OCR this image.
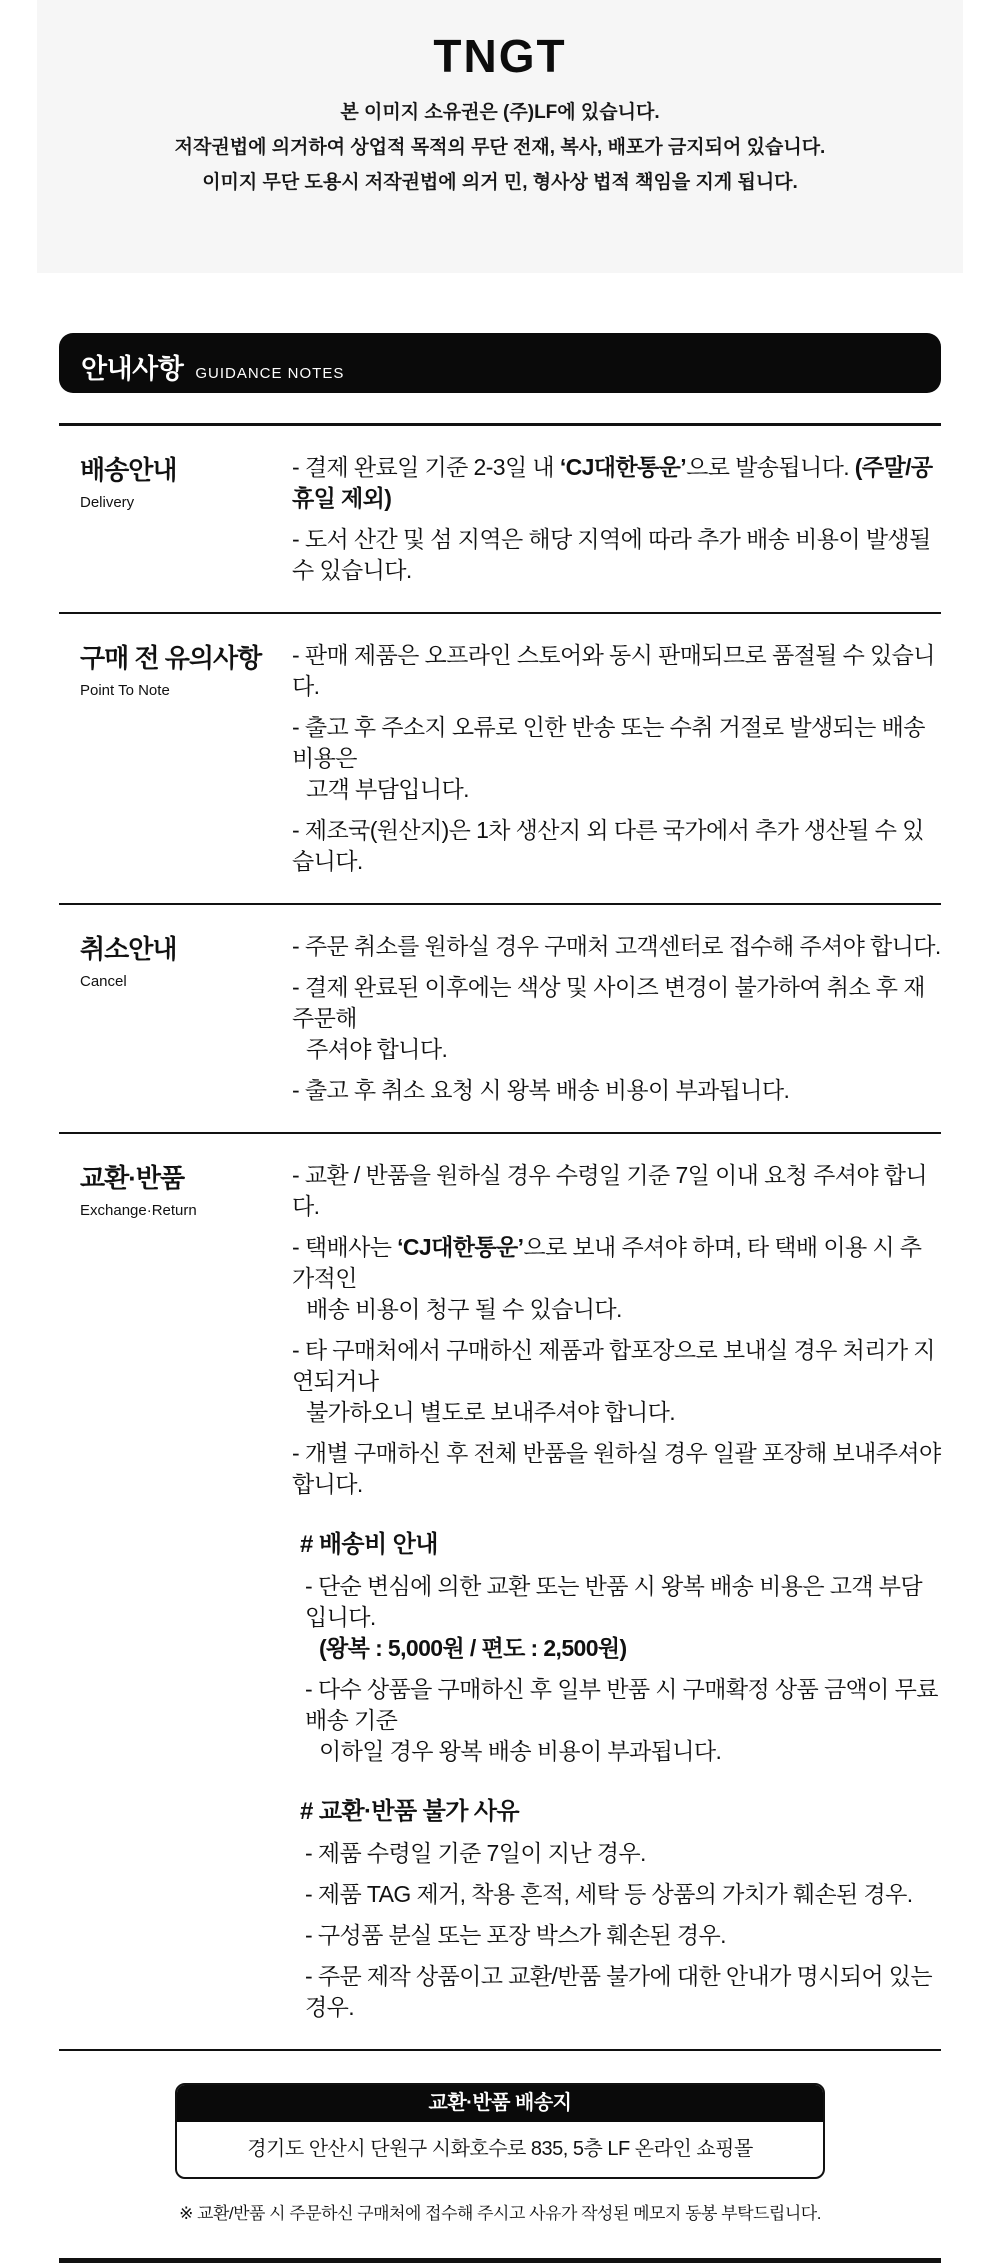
TNGT

본 이미지 소유권은 (주)LF에 있습니다.

저작권법에 의거하여 상업적 목적의 무단 전재, 복사, 배포가 금지되어 있습니다.

이미지 무단 도용시 저작권법에 의거 민, 형사상 법적 책임을 지게 됩니다.

안내사항 GUIDANCE NOTES
배송안내
Delivery
- 결제 완료일 기준 2-3일 내 ‘CJ대한통운’으로 발송됩니다. (주말/공휴일 제외)
- 도서 산간 및 섬 지역은 해당 지역에 따라 추가 배송 비용이 발생될 수 있습니다.
구매 전 유의사항
Point To Note
- 판매 제품은 오프라인 스토어와 동시 판매되므로 품절될 수 있습니다.
- 출고 후 주소지 오류로 인한 반송 또는 수취 거절로 발생되는 배송 비용은
고객 부담입니다.
- 제조국(원산지)은 1차 생산지 외 다른 국가에서 추가 생산될 수 있습니다.
취소안내
Cancel
- 주문 취소를 원하실 경우 구매처 고객센터로 접수해 주셔야 합니다.
- 결제 완료된 이후에는 색상 및 사이즈 변경이 불가하여 취소 후 재주문해
주셔야 합니다.
- 출고 후 취소 요청 시 왕복 배송 비용이 부과됩니다.
교환·반품
Exchange·Return
- 교환 / 반품을 원하실 경우 수령일 기준 7일 이내 요청 주셔야 합니다.
- 택배사는 ‘CJ대한통운’으로 보내 주셔야 하며, 타 택배 이용 시 추가적인
배송 비용이 청구 될 수 있습니다.
- 타 구매처에서 구매하신 제품과 합포장으로 보내실 경우 처리가 지연되거나
불가하오니 별도로 보내주셔야 합니다.
- 개별 구매하신 후 전체 반품을 원하실 경우 일괄 포장해 보내주셔야 합니다.
# 배송비 안내
- 단순 변심에 의한 교환 또는 반품 시 왕복 배송 비용은 고객 부담입니다.
(왕복 : 5,000원 / 편도 : 2,500원)
- 다수 상품을 구매하신 후 일부 반품 시 구매확정 상품 금액이 무료배송 기준
이하일 경우 왕복 배송 비용이 부과됩니다.
# 교환·반품 불가 사유
- 제품 수령일 기준 7일이 지난 경우.
- 제품 TAG 제거, 착용 흔적, 세탁 등 상품의 가치가 훼손된 경우.
- 구성품 분실 또는 포장 박스가 훼손된 경우.
- 주문 제작 상품이고 교환/반품 불가에 대한 안내가 명시되어 있는 경우.
교환·반품 배송지
경기도 안산시 단원구 시화호수로 835, 5층 LF 온라인 쇼핑몰

※ 교환/반품 시 주문하신 구매처에 접수해 주시고 사유가 작성된 메모지 동봉 부탁드립니다.
